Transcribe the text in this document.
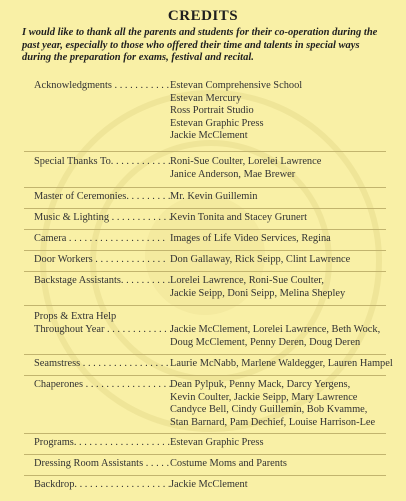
CREDITS
I would like to thank all the parents and students for their co-operation during the past year, especially to those who offered their time and talents in special ways during the preparation for exams, festival and recital.
Acknowledgments . . . . . . . . . . . Estevan Comprehensive School
Estevan Mercury
Ross Portrait Studio
Estevan Graphic Press
Jackie McClement
Special Thanks To. . . . . . . . . . . . Roni-Sue Coulter, Lorelei Lawrence
Janice Anderson, Mae Brewer
Master of Ceremonies. . . . . . . . . Mr. Kevin Guillemin
Music & Lighting . . . . . . . . . . . .
Kevin Tonita and Stacey Grunert
Camera . . . . . . . . . . . . . . . . . . . Images of Life Video Services, Regina
Door Workers . . . . . . . . . . . . . . Don Gallaway, Rick Seipp, Clint Lawrence
Backstage Assistants. . . . . . . . . . Lorelei Lawrence, Roni-Sue Coulter,
Jackie Seipp, Doni Seipp, Melina Shepley
Props & Extra Help
Throughout Year . . . . . . . . . . . . .
Jackie McClement, Lorelei Lawrence, Beth Wock,
Doug McClement, Penny Deren, Doug Deren
Seamstress . . . . . . . . . . . . . . . . . Laurie McNabb, Marlene Waldegger, Lauren Hampel
Chaperones . . . . . . . . . . . . . . . . .
Dean Pylpuk, Penny Mack, Darcy Yergens,
Kevin Coulter, Jackie Seipp, Mary Lawrence
Candyce Bell, Cindy Guillemin, Bob Kvamme,
Stan Barnard, Pam Dechief, Louise Harrison-Lee
Programs. . . . . . . . . . . . . . . . . . . Estevan Graphic Press
Dressing Room Assistants . . . . . Costume Moms and Parents
Backdrop. . . . . . . . . . . . . . . . . . . Jackie McClement
